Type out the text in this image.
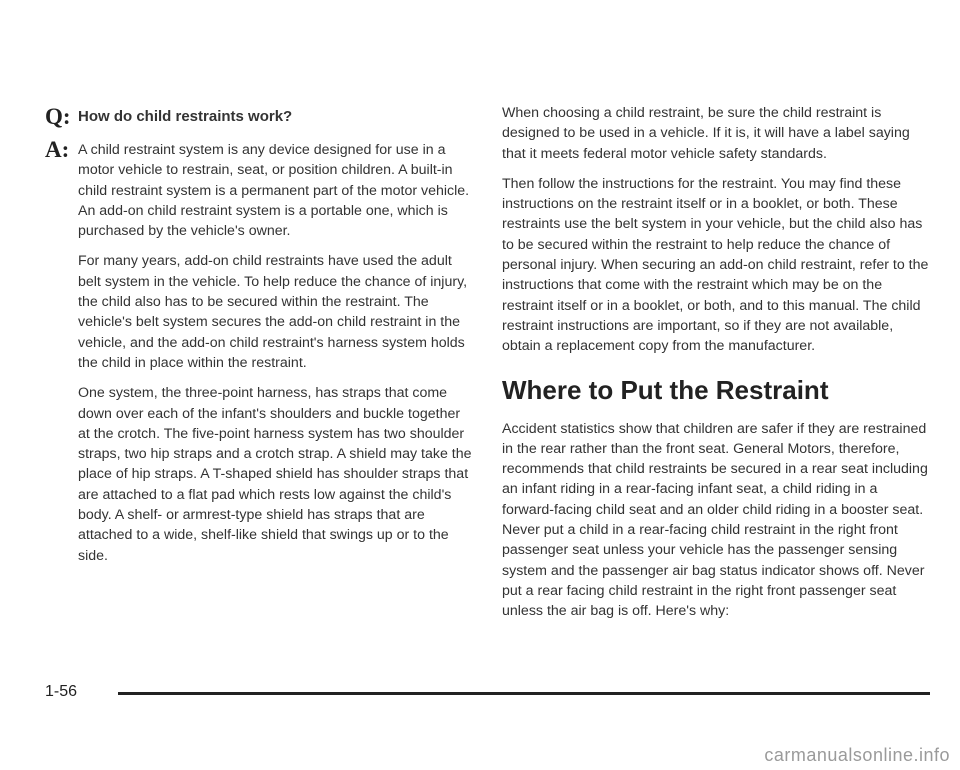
Q: How do child restraints work?

A: A child restraint system is any device designed for use in a motor vehicle to restrain, seat, or position children. A built-in child restraint system is a permanent part of the motor vehicle. An add-on child restraint system is a portable one, which is purchased by the vehicle's owner.

For many years, add-on child restraints have used the adult belt system in the vehicle. To help reduce the chance of injury, the child also has to be secured within the restraint. The vehicle's belt system secures the add-on child restraint in the vehicle, and the add-on child restraint's harness system holds the child in place within the restraint.

One system, the three-point harness, has straps that come down over each of the infant's shoulders and buckle together at the crotch. The five-point harness system has two shoulder straps, two hip straps and a crotch strap. A shield may take the place of hip straps. A T-shaped shield has shoulder straps that are attached to a flat pad which rests low against the child's body. A shelf- or armrest-type shield has straps that are attached to a wide, shelf-like shield that swings up or to the side.

When choosing a child restraint, be sure the child restraint is designed to be used in a vehicle. If it is, it will have a label saying that it meets federal motor vehicle safety standards.

Then follow the instructions for the restraint. You may find these instructions on the restraint itself or in a booklet, or both. These restraints use the belt system in your vehicle, but the child also has to be secured within the restraint to help reduce the chance of personal injury. When securing an add-on child restraint, refer to the instructions that come with the restraint which may be on the restraint itself or in a booklet, or both, and to this manual. The child restraint instructions are important, so if they are not available, obtain a replacement copy from the manufacturer.

Where to Put the Restraint

Accident statistics show that children are safer if they are restrained in the rear rather than the front seat. General Motors, therefore, recommends that child restraints be secured in a rear seat including an infant riding in a rear-facing infant seat, a child riding in a forward-facing child seat and an older child riding in a booster seat. Never put a child in a rear-facing child restraint in the right front passenger seat unless your vehicle has the passenger sensing system and the passenger air bag status indicator shows off. Never put a rear facing child restraint in the right front passenger seat unless the air bag is off. Here's why:

1-56
carmanualsonline.info
